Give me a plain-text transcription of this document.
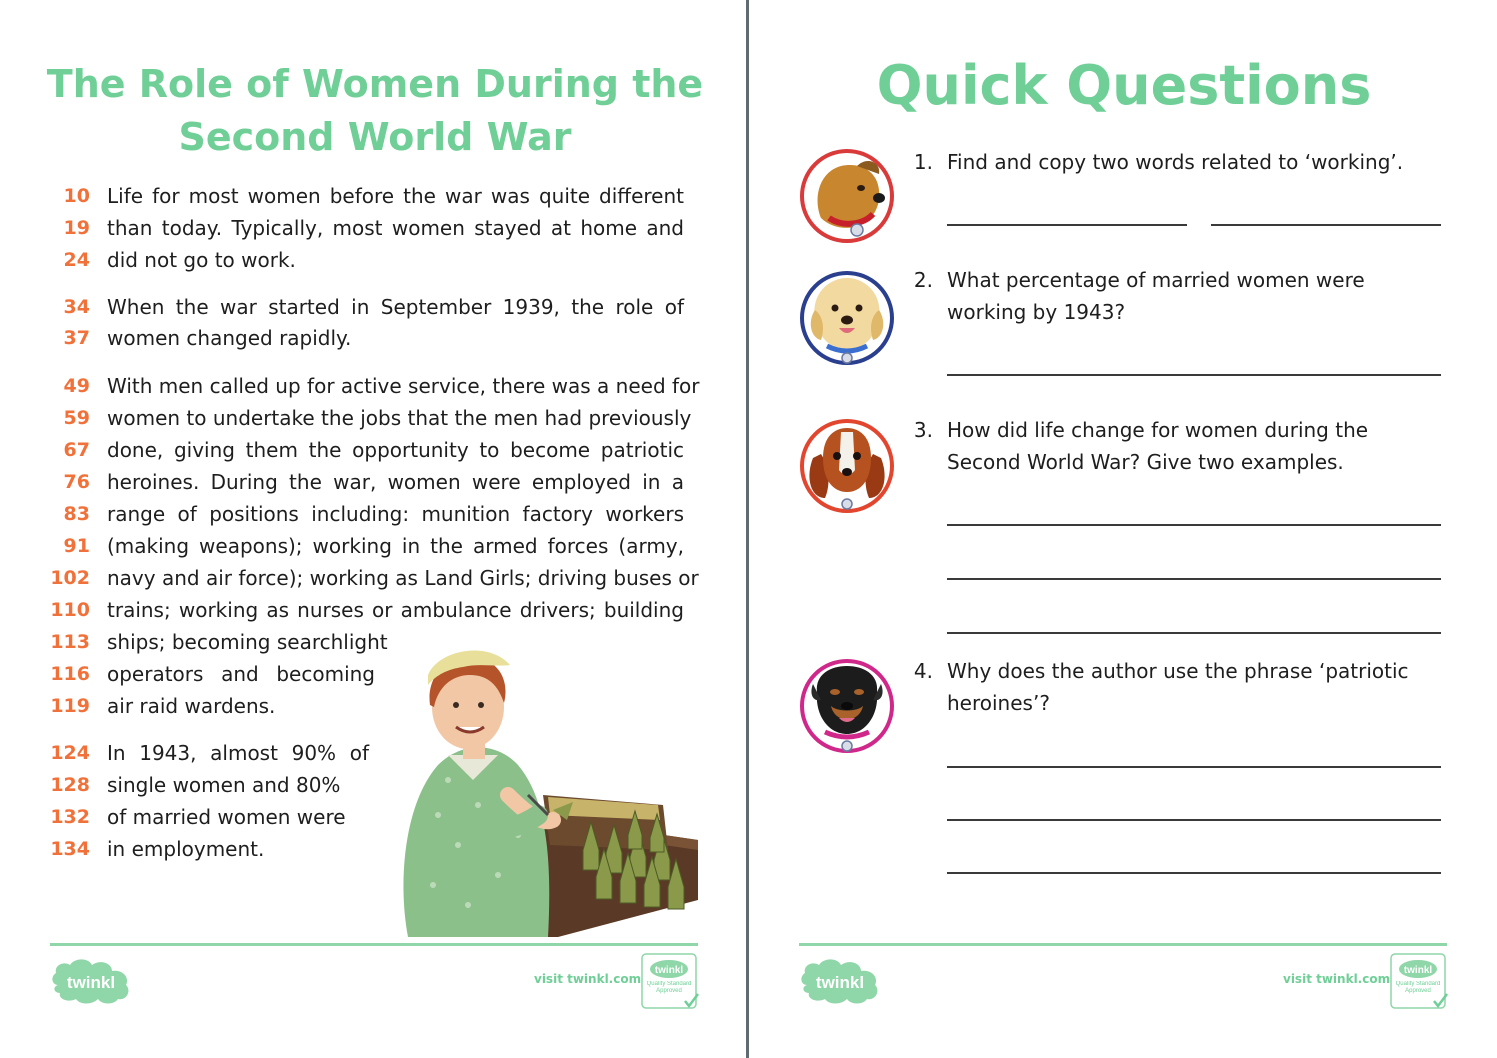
The Role of Women During the Second World War
10 Life for most women before the war was quite different
19 than today. Typically, most women stayed at home and
24 did not go to work.
34 When the war started in September 1939, the role of
37 women changed rapidly.
49 With men called up for active service, there was a need for
59 women to undertake the jobs that the men had previously
67 done, giving them the opportunity to become patriotic
76 heroines. During the war, women were employed in a
83 range of positions including: munition factory workers
91 (making weapons); working in the armed forces (army,
102 navy and air force); working as Land Girls; driving buses or
110 trains; working as nurses or ambulance drivers; building
113 ships; becoming searchlight
116 operators and becoming
119 air raid wardens.
124 In 1943, almost 90% of
128 single women and 80%
132 of married women were
134 in employment.
twinkl	visit twinkl.com
twinkl
Quality Standard Approved
Quick Questions
1. Find and copy two words related to ‘working’.
2. What percentage of married women were working by 1943?
3. How did life change for women during the Second World War? Give two examples.
4. Why does the author use the phrase ‘patriotic heroines’?
twinkl	visit twinkl.com
twinkl
Quality Standard Approved
